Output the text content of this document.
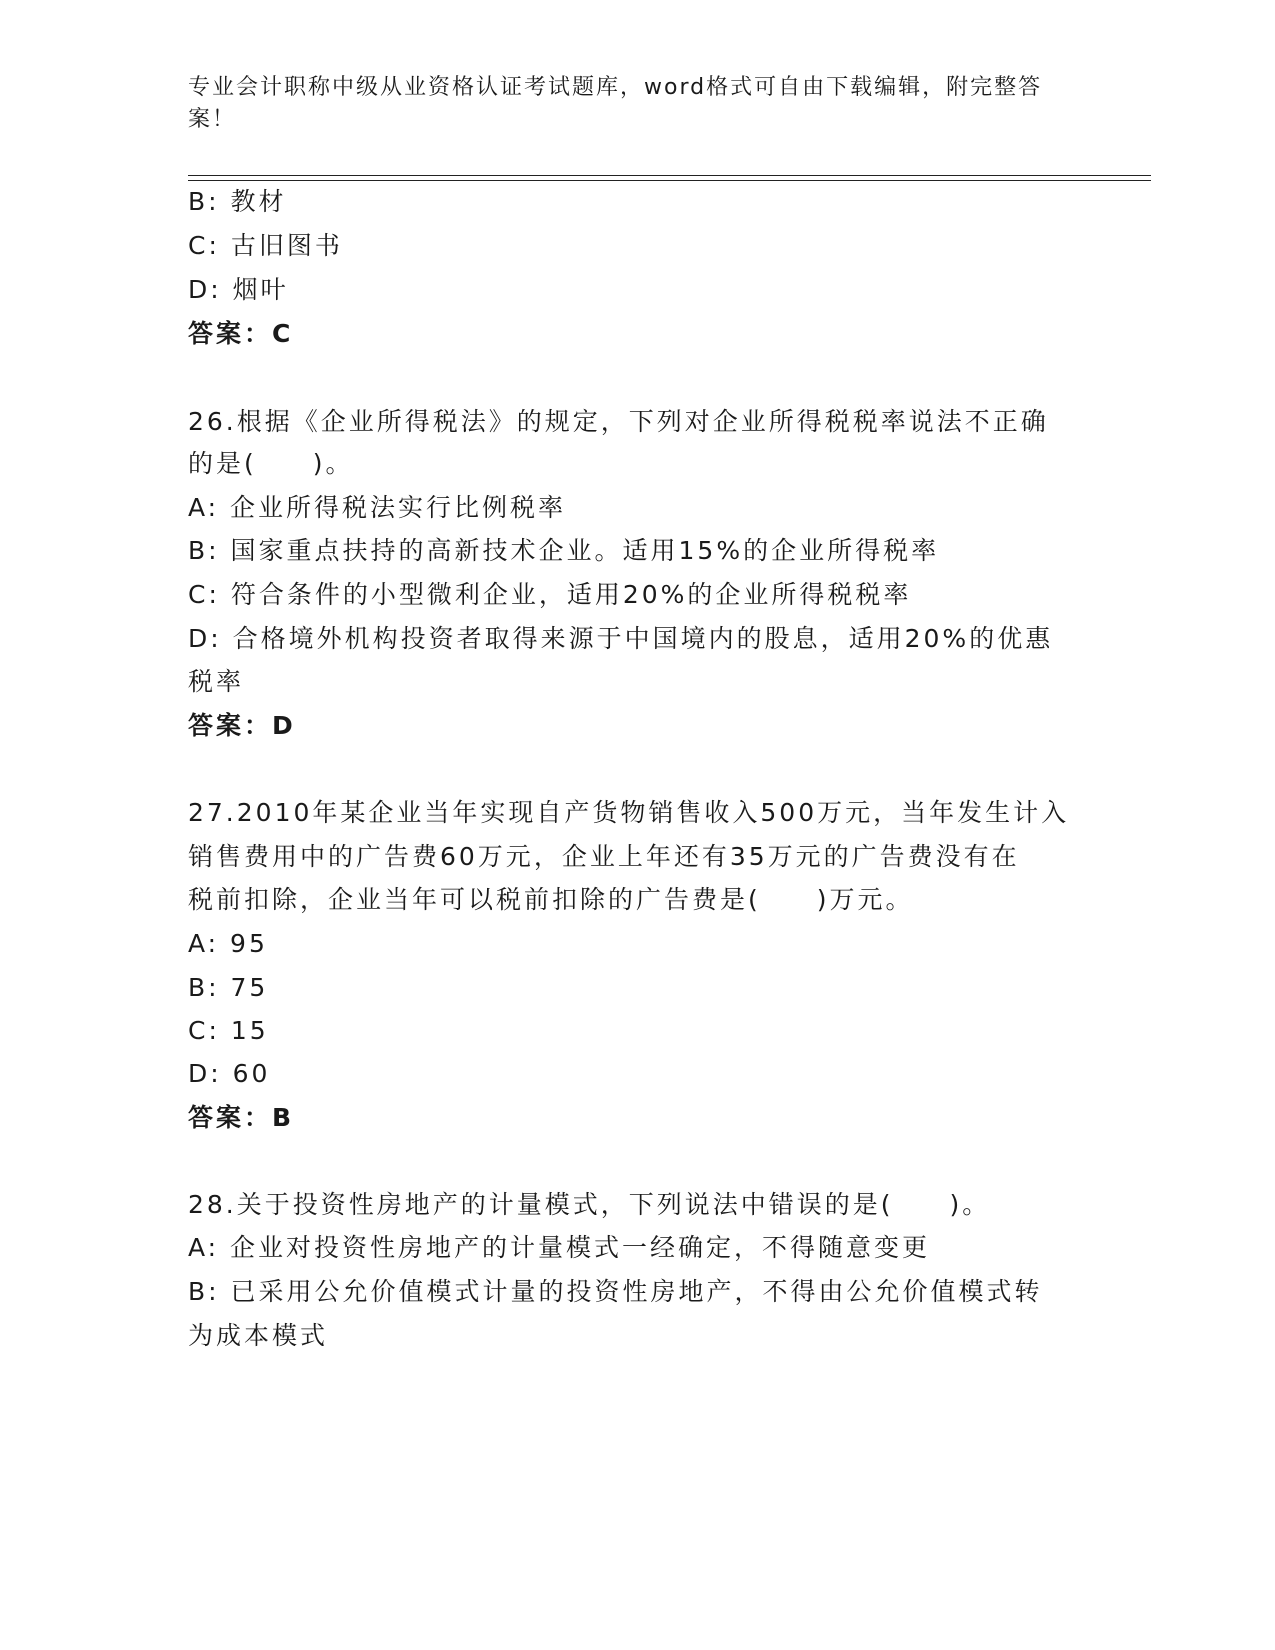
专业会计职称中级从业资格认证考试题库，word格式可自由下载编辑，附完整答
案！
B: 教材
C: 古旧图书
D: 烟叶
答案：C
26.根据《企业所得税法》的规定，下列对企业所得税税率说法不正确
的是(　　)。
A: 企业所得税法实行比例税率
B: 国家重点扶持的高新技术企业。适用15%的企业所得税率
C: 符合条件的小型微利企业，适用20%的企业所得税税率
D: 合格境外机构投资者取得来源于中国境内的股息，适用20%的优惠
税率
答案：D
27.2010年某企业当年实现自产货物销售收入500万元，当年发生计入
销售费用中的广告费60万元，企业上年还有35万元的广告费没有在
税前扣除，企业当年可以税前扣除的广告费是(　　)万元。
A: 95
B: 75
C: 15
D: 60
答案：B
28.关于投资性房地产的计量模式，下列说法中错误的是(　　)。
A: 企业对投资性房地产的计量模式一经确定，不得随意变更
B: 已采用公允价值模式计量的投资性房地产，不得由公允价值模式转
为成本模式
